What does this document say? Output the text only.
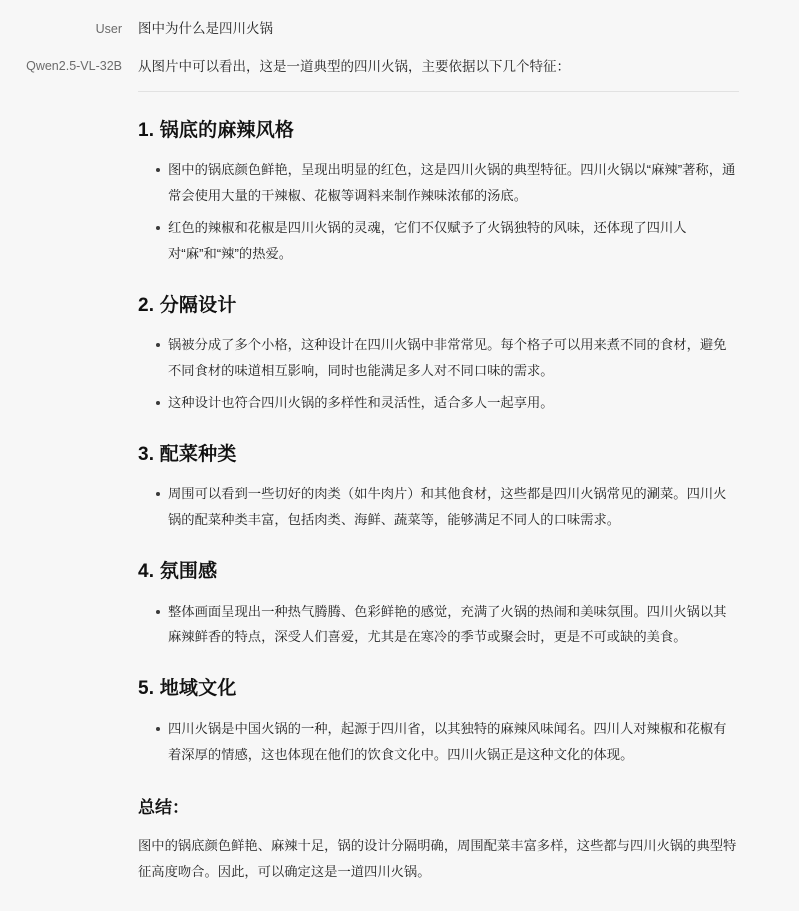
User	图中为什么是四川火锅
Qwen2.5-VL-32B	从图片中可以看出，这是一道典型的四川火锅，主要依据以下几个特征：

1. 锅底的麻辣风格
图中的锅底颜色鲜艳，呈现出明显的红色，这是四川火锅的典型特征。四川火锅以“麻辣”著称，通常会使用大量的干辣椒、花椒等调料来制作辣味浓郁的汤底。
红色的辣椒和花椒是四川火锅的灵魂，它们不仅赋予了火锅独特的风味，还体现了四川人对“麻”和“辣”的热爱。
2. 分隔设计
锅被分成了多个小格，这种设计在四川火锅中非常常见。每个格子可以用来煮不同的食材，避免不同食材的味道相互影响，同时也能满足多人对不同口味的需求。
这种设计也符合四川火锅的多样性和灵活性，适合多人一起享用。
3. 配菜种类
周围可以看到一些切好的肉类（如牛肉片）和其他食材，这些都是四川火锅常见的涮菜。四川火锅的配菜种类丰富，包括肉类、海鲜、蔬菜等，能够满足不同人的口味需求。
4. 氛围感
整体画面呈现出一种热气腾腾、色彩鲜艳的感觉，充满了火锅的热闹和美味氛围。四川火锅以其麻辣鲜香的特点，深受人们喜爱，尤其是在寒冷的季节或聚会时，更是不可或缺的美食。
5. 地域文化
四川火锅是中国火锅的一种，起源于四川省，以其独特的麻辣风味闻名。四川人对辣椒和花椒有着深厚的情感，这也体现在他们的饮食文化中。四川火锅正是这种文化的体现。
总结：

图中的锅底颜色鲜艳、麻辣十足，锅的设计分隔明确，周围配菜丰富多样，这些都与四川火锅的典型特征高度吻合。因此，可以确定这是一道四川火锅。
